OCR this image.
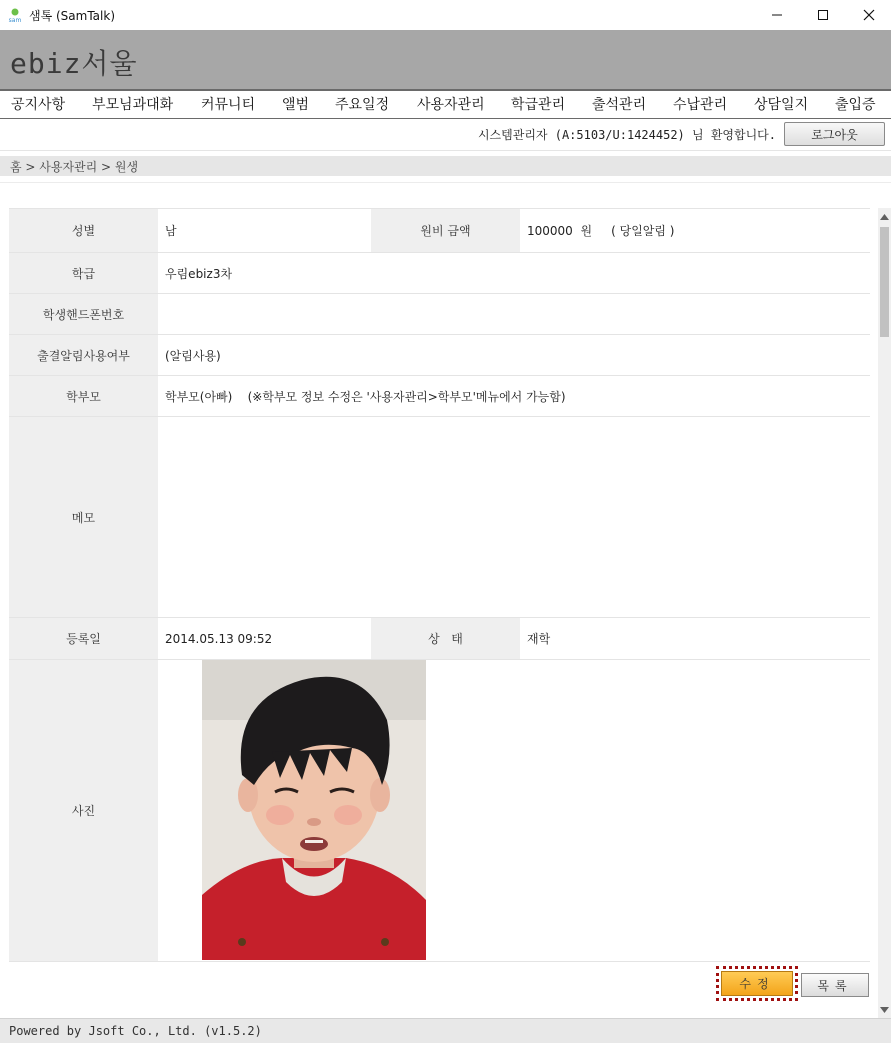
sam 샘톡 (SamTalk)
ebiz서울
공지사항 부모님과대화 커뮤니티 앨범 주요일정 사용자관리 학급관리 출석관리 수납관리 상담일지 출입증
시스템관리자 (A:5103/U:1424452) 님 환영합니다.	로그아웃
홈 > 사용자관리 > 원생
성별	남	원비 금액	100000  원     ( 당일알림 )
학급	우림ebiz3차
학생핸드폰번호
출결알림사용여부	(알림사용)
학부모	학부모(아빠)    (※학부모 정보 수정은 '사용자관리>학부모'메뉴에서 가능함)
메모
등록일	2014.05.13 09:52	상   태	재학
사진
수정	목록
Powered by Jsoft Co., Ltd. (v1.5.2)
